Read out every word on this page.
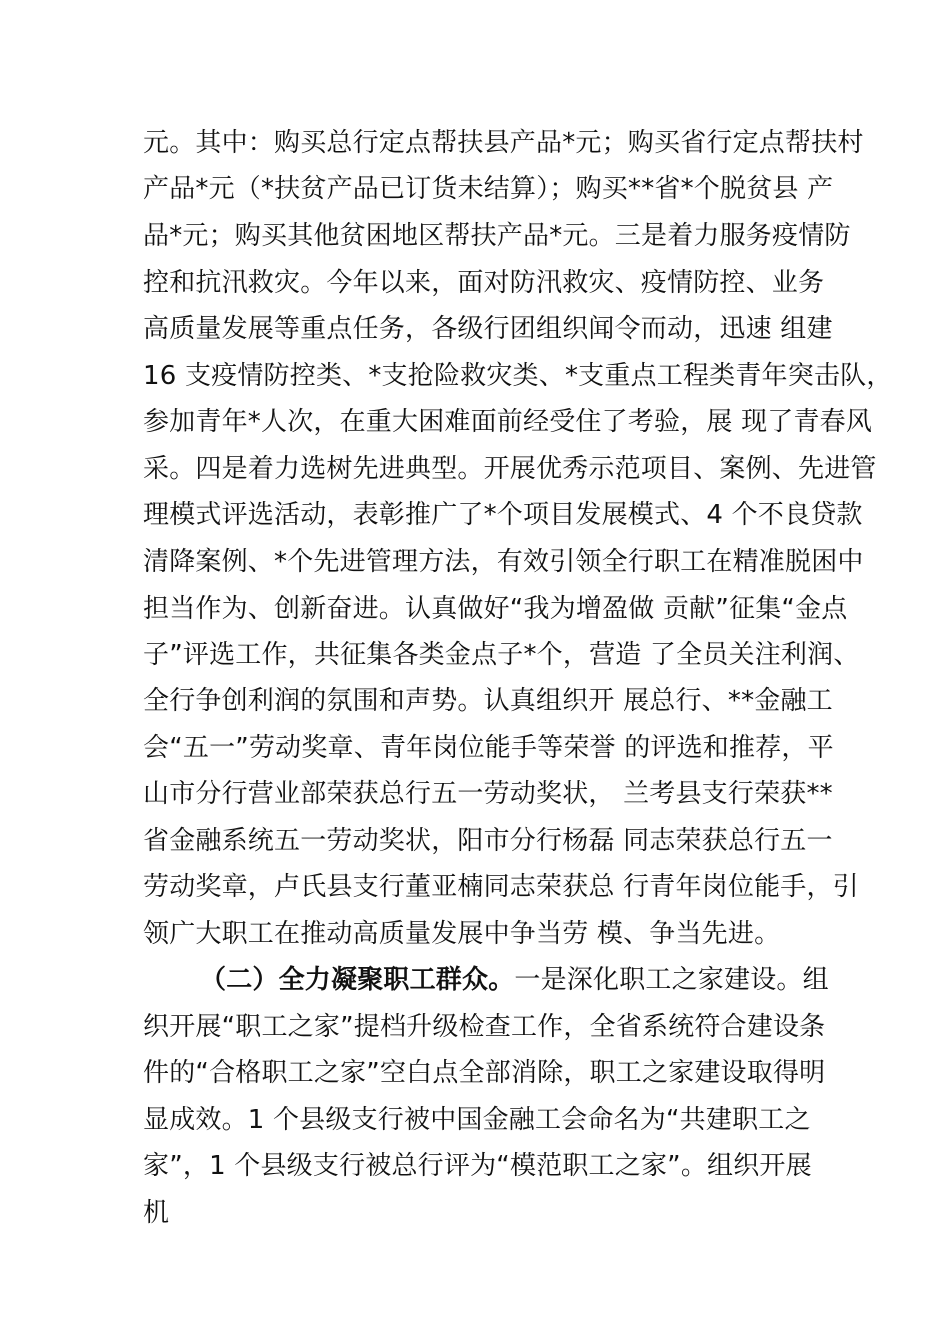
元。其中：购买总行定点帮扶县产品*元；购买省行定点帮扶村
产品*元（*扶贫产品已订货未结算）；购买**省*个脱贫县 产
品*元；购买其他贫困地区帮扶产品*元。三是着力服务疫情防
控和抗汛救灾。今年以来，面对防汛救灾、疫情防控、业务
高质量发展等重点任务，各级行团组织闻令而动，迅速 组建
16 支疫情防控类、*支抢险救灾类、*支重点工程类青年突击队，
参加青年*人次，在重大困难面前经受住了考验，展 现了青春风
采。四是着力选树先进典型。开展优秀示范项目、案例、先进管
理模式评选活动，表彰推广了*个项目发展模式、4 个不良贷款
清降案例、*个先进管理方法，有效引领全行职工在精准脱困中
担当作为、创新奋进。认真做好“我为增盈做 贡献”征集“金点
子”评选工作，共征集各类金点子*个，营造 了全员关注利润、
全行争创利润的氛围和声势。认真组织开 展总行、**金融工
会“五一”劳动奖章、青年岗位能手等荣誉 的评选和推荐，平
山市分行营业部荣获总行五一劳动奖状， 兰考县支行荣获**
省金融系统五一劳动奖状，阳市分行杨磊 同志荣获总行五一
劳动奖章，卢氏县支行董亚楠同志荣获总 行青年岗位能手，引
领广大职工在推动高质量发展中争当劳 模、争当先进。
（二）全力凝聚职工群众。一是深化职工之家建设。组
织开展“职工之家”提档升级检查工作，全省系统符合建设条
件的“合格职工之家”空白点全部消除，职工之家建设取得明
显成效。1 个县级支行被中国金融工会命名为“共建职工之
家”，1 个县级支行被总行评为“模范职工之家”。组织开展
机
